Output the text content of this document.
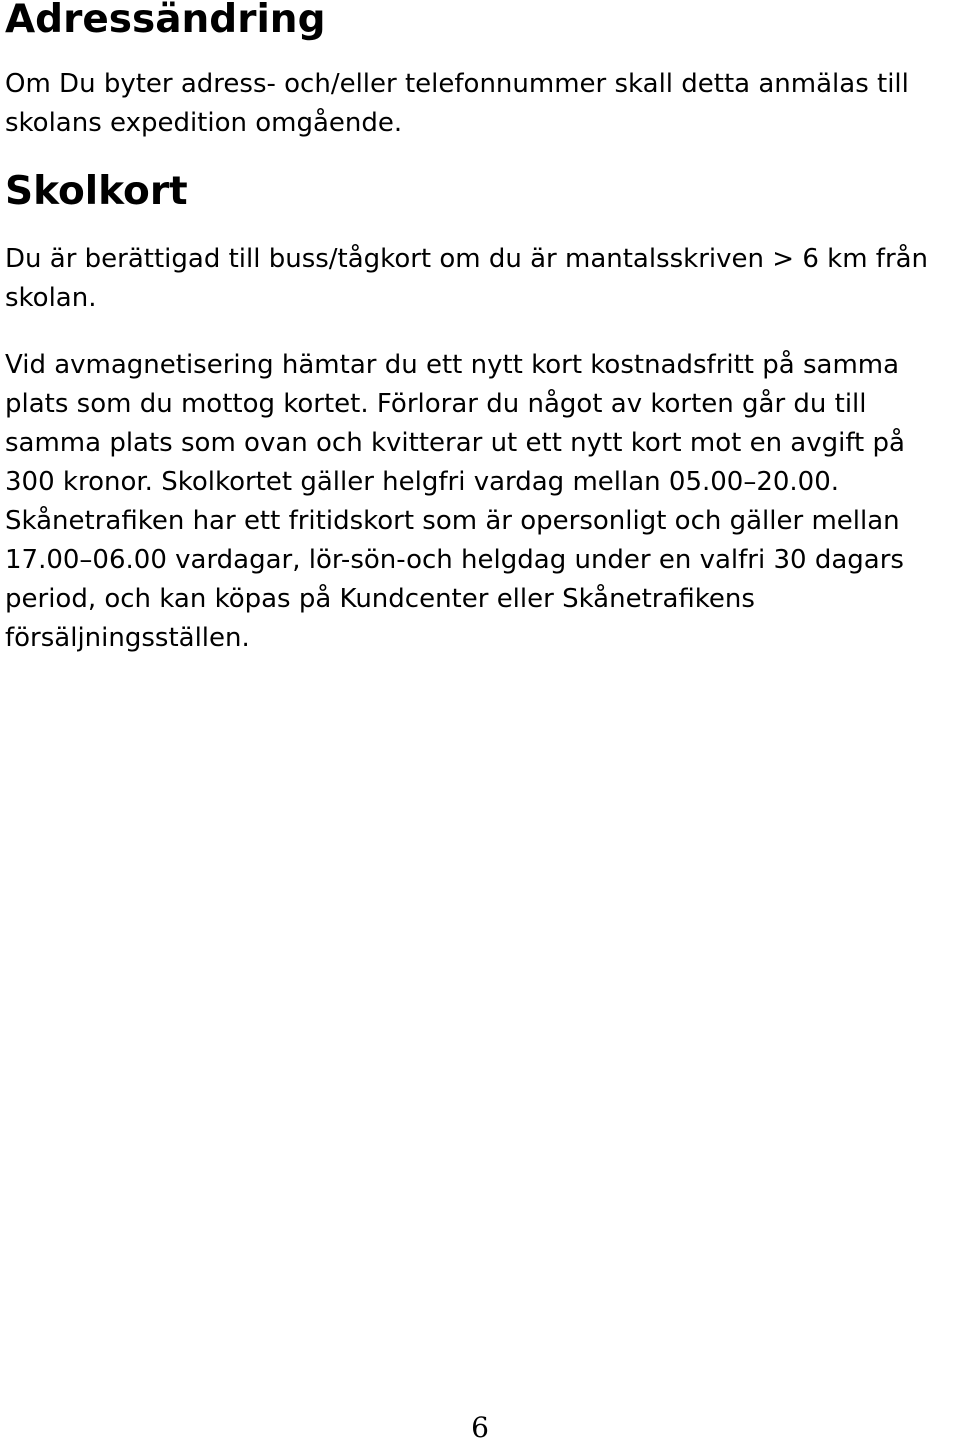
Adressändring

Om Du byter adress- och/eller telefonnummer skall detta anmälas till skolans expedition omgående.

Skolkort

Du är berättigad till buss/tågkort om du är mantalsskriven > 6 km från skolan.

Vid avmagnetisering hämtar du ett nytt kort kostnadsfritt på samma plats som du mottog kortet. Förlorar du något av korten går du till samma plats som ovan och kvitterar ut ett nytt kort mot en avgift på 300 kronor. Skolkortet gäller helgfri vardag mellan 05.00–20.00. Skånetrafiken har ett fritidskort som är opersonligt och gäller mellan 17.00–06.00 vardagar, lör-sön-och helgdag under en valfri 30 dagars period, och kan köpas på Kundcenter eller Skånetrafikens försäljningsställen.

6
